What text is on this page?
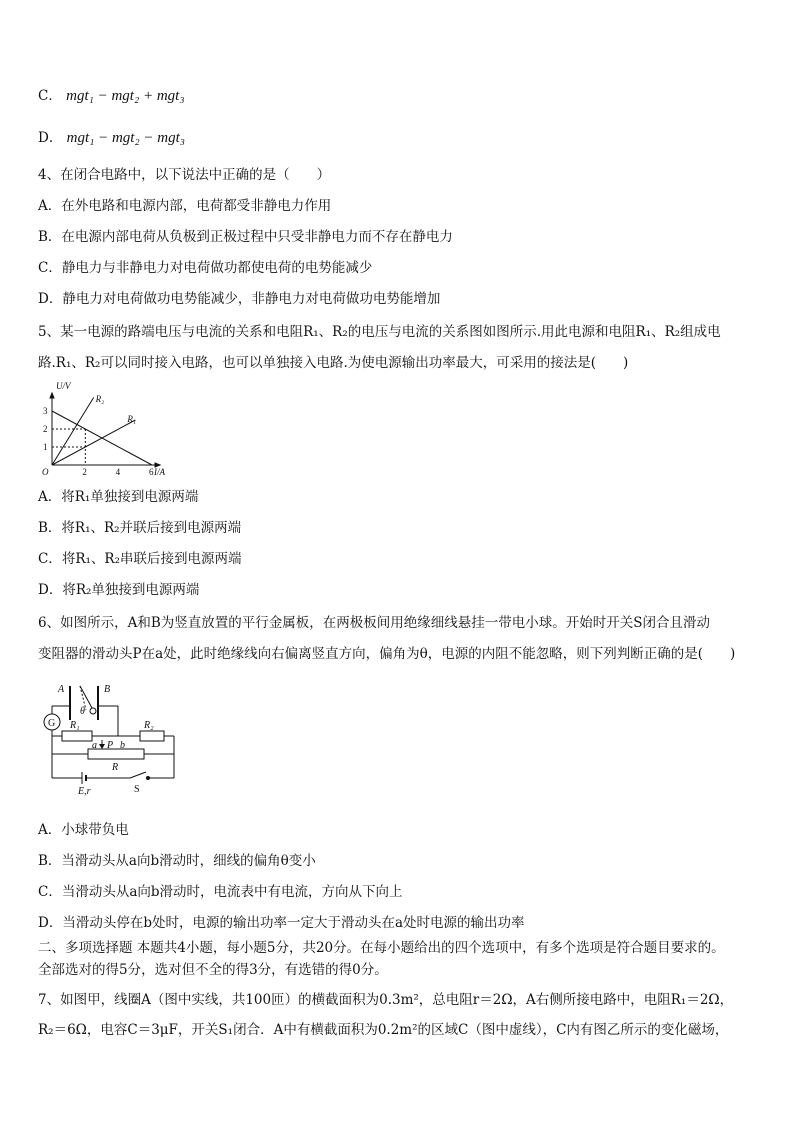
C． mgt₁ − mgt₂ + mgt₃
D． mgt₁ − mgt₂ − mgt₃
4、在闭合电路中，以下说法中正确的是（　　）
A．在外电路和电源内部，电荷都受非静电力作用
B．在电源内部电荷从负极到正极过程中只受非静电力而不存在静电力
C．静电力与非静电力对电荷做功都使电荷的电势能减少
D．静电力对电荷做功电势能减少，非静电力对电荷做功电势能增加
5、某一电源的路端电压与电流的关系和电阻R₁、R₂的电压与电流的关系图如图所示.用此电源和电阻R₁、R₂组成电
路.R₁、R₂可以同时接入电路，也可以单独接入电路.为使电源输出功率最大，可采用的接法是(　　)
2	4	6
1
2
3
O	I/A
U/V
R₂
R₁
A．将R₁单独接到电源两端
B．将R₁、R₂并联后接到电源两端
C．将R₁、R₂串联后接到电源两端
D．将R₂单独接到电源两端
6、如图所示，A和B为竖直放置的平行金属板，在两极板间用绝缘细线悬挂一带电小球。开始时开关S闭合且滑动
变阻器的滑动头P在a处，此时绝缘线向右偏离竖直方向，偏角为θ，电源的内阻不能忽略，则下列判断正确的是(　　)
A	B
θ
G R₁	R₂
a P b
R
E,r	S
A．小球带负电
B．当滑动头从a向b滑动时，细线的偏角θ变小
C．当滑动头从a向b滑动时，电流表中有电流，方向从下向上
D．当滑动头停在b处时，电源的输出功率一定大于滑动头在a处时电源的输出功率
二、多项选择题 本题共4小题，每小题5分，共20分。在每小题给出的四个选项中，有多个选项是符合题目要求的。
全部选对的得5分，选对但不全的得3分，有选错的得0分。
7、如图甲，线圈A（图中实线，共100匝）的横截面积为0.3m²，总电阻r＝2Ω，A右侧所接电路中，电阻R₁＝2Ω，
R₂＝6Ω，电容C＝3μF，开关S₁闭合．A中有横截面积为0.2m²的区域C（图中虚线），C内有图乙所示的变化磁场，
